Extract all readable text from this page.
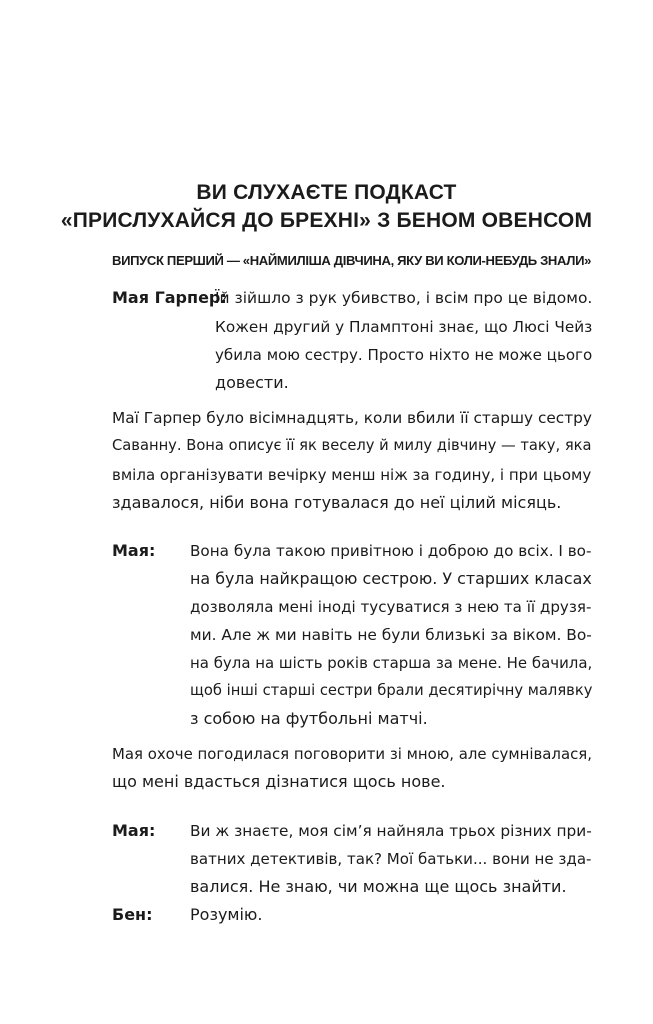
ВИ СЛУХАЄТЕ ПОДКАСТ
«ПРИСЛУХАЙСЯ ДО БРЕХНІ» З БЕНОМ ОВЕНСОМ
ВИПУСК ПЕРШИЙ — «НАЙМИЛІША ДІВЧИНА, ЯКУ ВИ КОЛИ-НЕБУДЬ ЗНАЛИ»
Мая Гарпер:
Їй зійшло з рук убивство, і всім про це відомо.
Кожен другий у Пламптоні знає, що Люсі Чейз
убила мою сестру. Просто ніхто не може цього
довести.
Маї Гарпер було вісімнадцять, коли вбили її старшу сестру
Саванну. Вона описує її як веселу й милу дівчину — таку, яка
вміла організувати вечірку менш ніж за годину, і при цьому
здавалося, ніби вона готувалася до неї цілий місяць.
Мая: Вона була такою привітною і доброю до всіх. І во-
на була найкращою сестрою. У старших класах
дозволяла мені іноді тусуватися з нею та її друзя-
ми. Але ж ми навіть не були близькі за віком. Во-
на була на шість років старша за мене. Не бачила,
щоб інші старші сестри брали десятирічну малявку
з собою на футбольні матчі.
Мая охоче погодилася поговорити зі мною, але сумнівалася,
що мені вдасться дізнатися щось нове.
Мая: Ви ж знаєте, моя сім’я найняла трьох різних при-
ватних детективів, так? Мої батьки... вони не зда-
валися. Не знаю, чи можна ще щось знайти.
Бен: Розумію.
